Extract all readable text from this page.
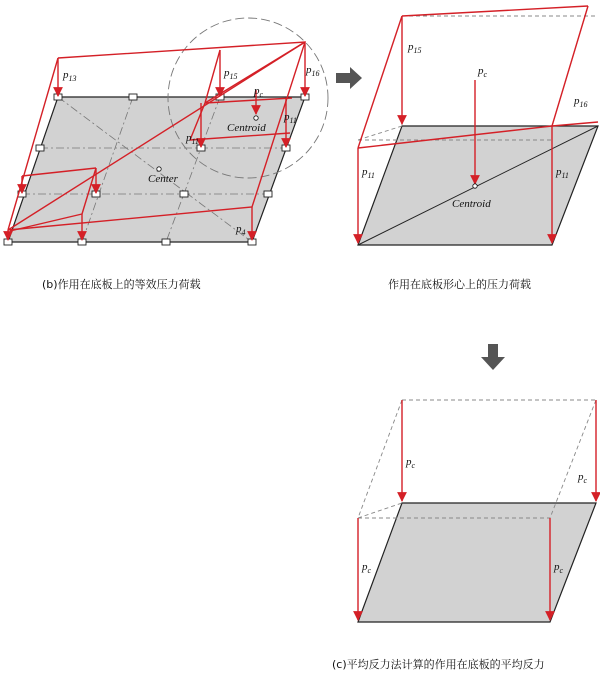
$p_{13}$	$p_{15}$
$p_{16}$
$p_c$
Centroid
$p_{11}$
$p_{11}$
Center
$p_4$
(b)作用在底板上的等效压力荷载
$p_{15}$
$p_c$
$p_{16}$
$p_{11}$	$p_{11}$
Centroid
作用在底板形心上的压力荷载
$p_c$
$p_c$
$p_c$	$p_c$
(c)平均反力法计算的作用在底板的平均反力
